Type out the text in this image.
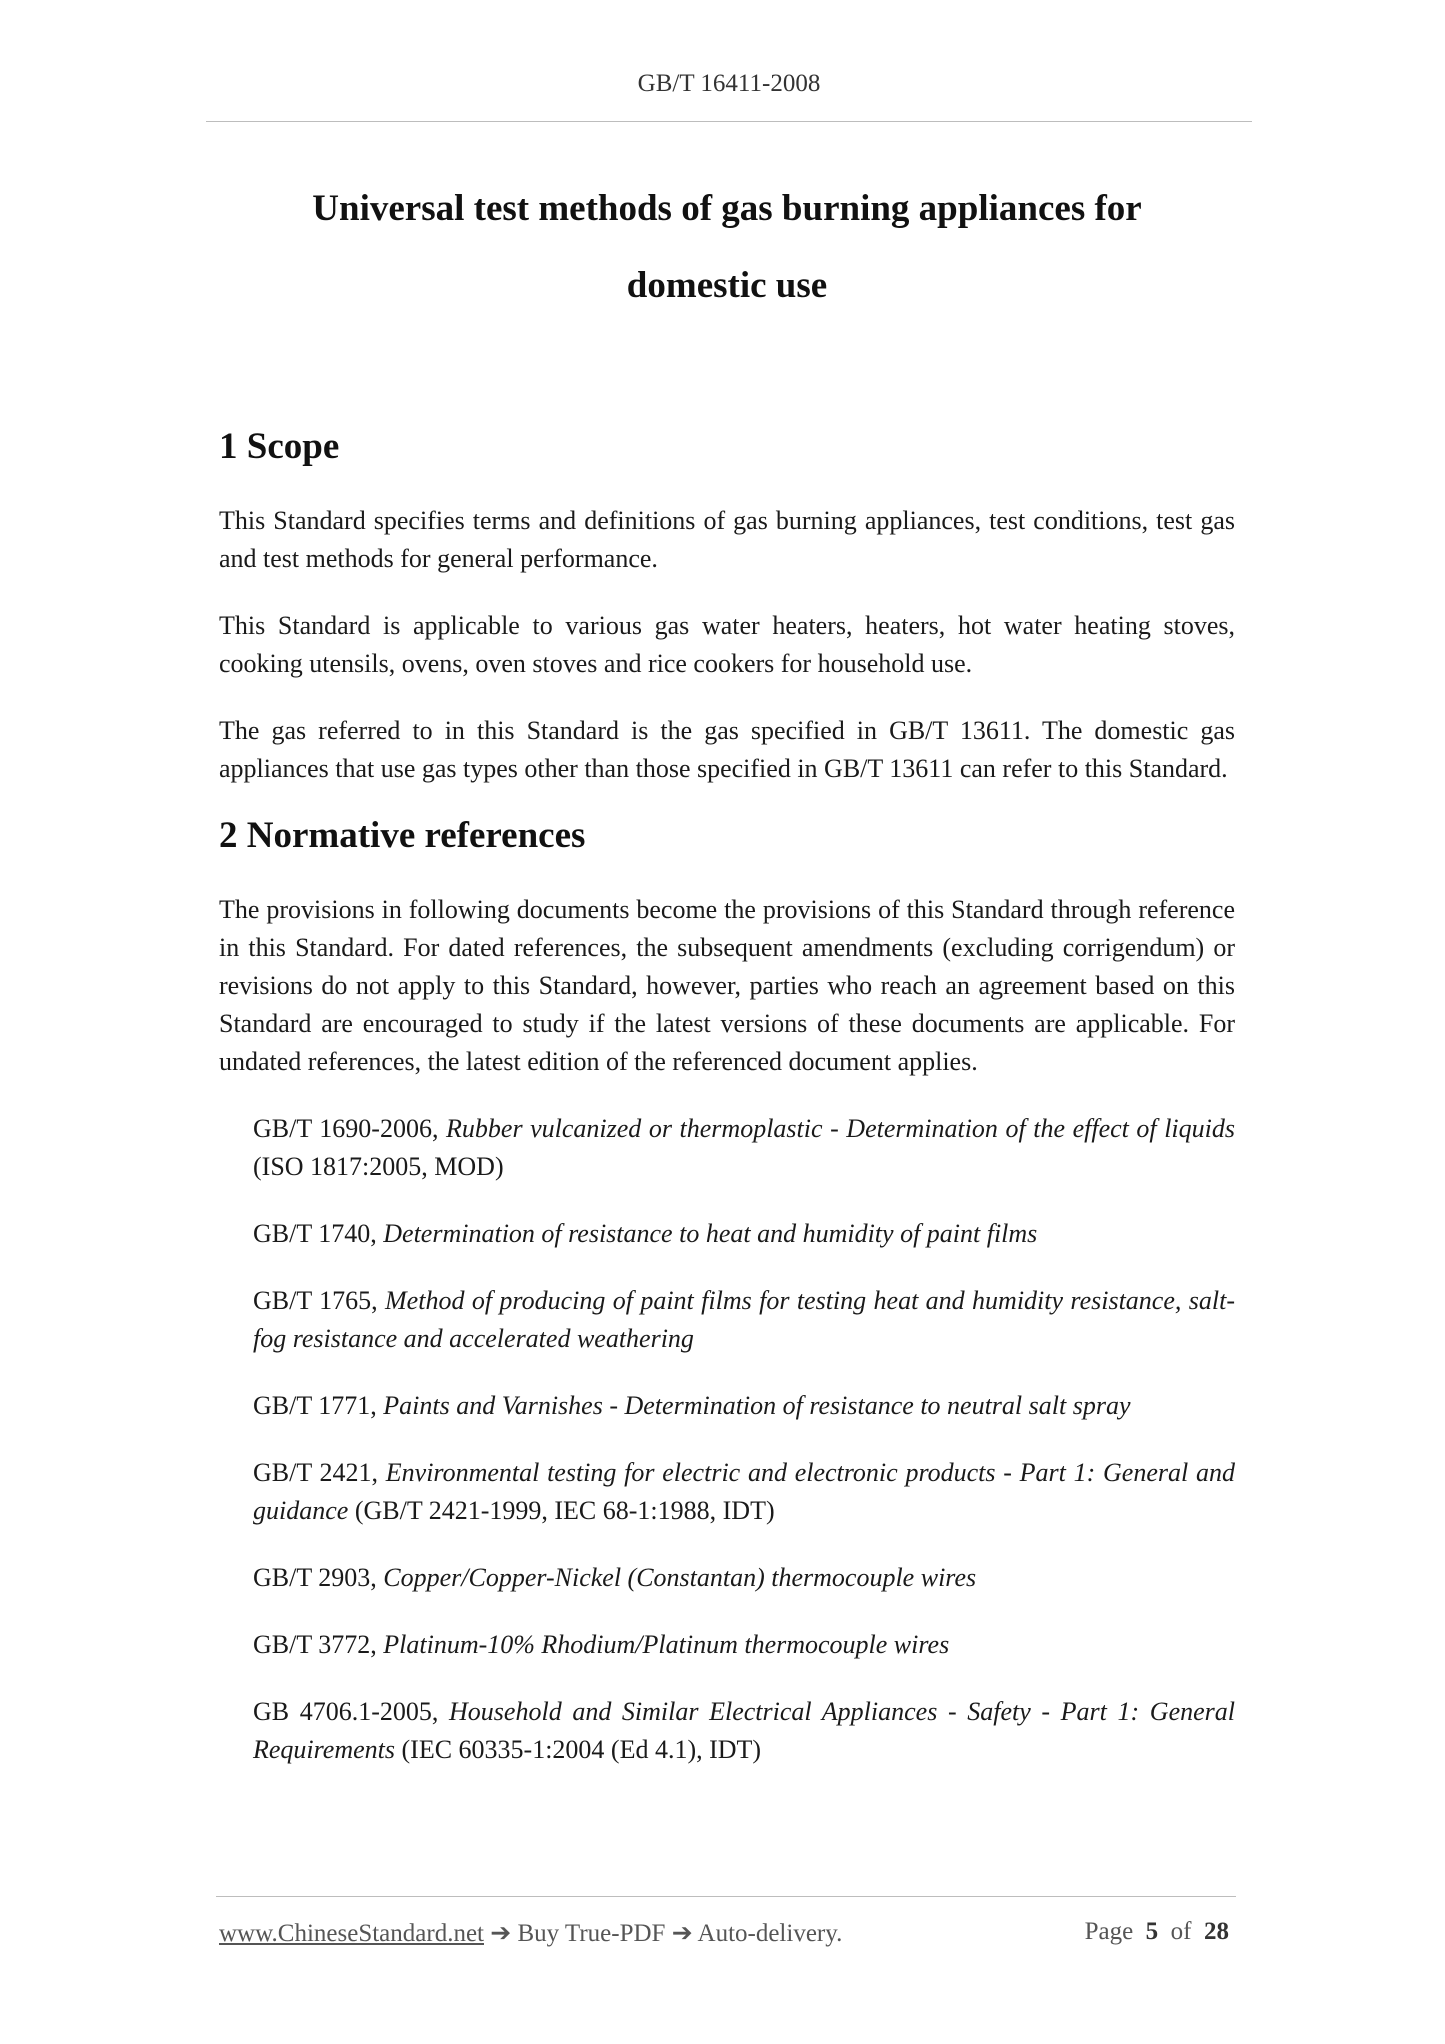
GB/T 16411-2008
Universal test methods of gas burning appliances for
domestic use
1 Scope

This Standard specifies terms and definitions of gas burning appliances, test conditions, test gas and test methods for general performance.

This Standard is applicable to various gas water heaters, heaters, hot water heating stoves, cooking utensils, ovens, oven stoves and rice cookers for household use.

The gas referred to in this Standard is the gas specified in GB/T 13611. The domestic gas appliances that use gas types other than those specified in GB/T 13611 can refer to this Standard.

2 Normative references

The provisions in following documents become the provisions of this Standard through reference in this Standard. For dated references, the subsequent amendments (excluding corrigendum) or revisions do not apply to this Standard, however, parties who reach an agreement based on this Standard are encouraged to study if the latest versions of these documents are applicable. For undated references, the latest edition of the referenced document applies.

GB/T 1690-2006, Rubber vulcanized or thermoplastic - Determination of the effect of liquids (ISO 1817:2005, MOD)

GB/T 1740, Determination of resistance to heat and humidity of paint films

GB/T 1765, Method of producing of paint films for testing heat and humidity resistance, salt-fog resistance and accelerated weathering

GB/T 1771, Paints and Varnishes - Determination of resistance to neutral salt spray

GB/T 2421, Environmental testing for electric and electronic products - Part 1: General and guidance (GB/T 2421-1999, IEC 68-1:1988, IDT)

GB/T 2903, Copper/Copper-Nickel (Constantan) thermocouple wires

GB/T 3772, Platinum-10% Rhodium/Platinum thermocouple wires

GB 4706.1-2005, Household and Similar Electrical Appliances - Safety - Part 1: General Requirements (IEC 60335-1:2004 (Ed 4.1), IDT)

www.ChineseStandard.net ➔ Buy True-PDF ➔ Auto-delivery.	Page 5 of 28
